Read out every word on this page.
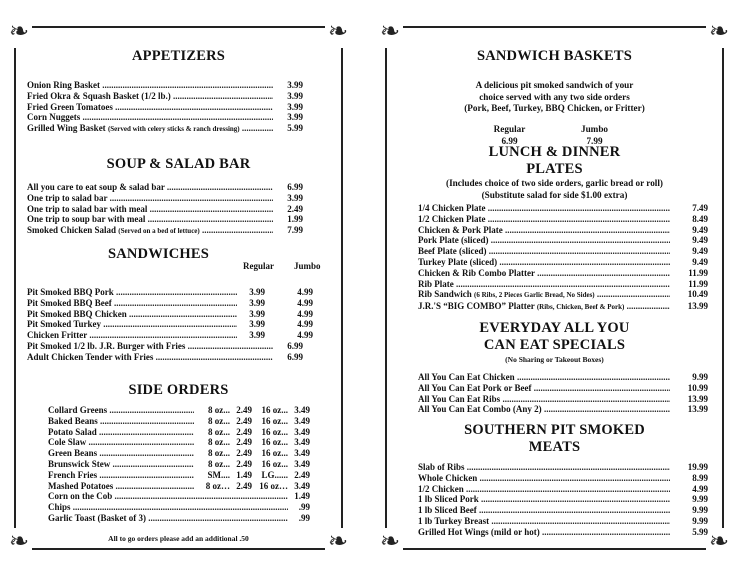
❧	❧
❧	❧
APPETIZERS
Onion Ring Basket .....	3.99
Fried Okra & Squash Basket (1/2 lb.) .....	3.99
Fried Green Tomatoes .....	3.99
Corn Nuggets .....	3.99
Grilled Wing Basket (Served with celery sticks & ranch dressing) .....	5.99
SOUP & SALAD BAR
All you care to eat soup & salad bar .....	6.99
One trip to salad bar .....	3.99
One trip to salad bar with meal .....	2.49
One trip to soup bar with meal .....	1.99
Smoked Chicken Salad (Served on a bed of lettuce) .....	7.99
SANDWICHES
Regular Jumbo
Pit Smoked BBQ Pork .....	3.99	4.99
Pit Smoked BBQ Beef .....	3.99	4.99
Pit Smoked BBQ Chicken .....	3.99	4.99
Pit Smoked Turkey .....	3.99	4.99
Chicken Fritter .....	3.99	4.99
Pit Smoked 1/2 lb. J.R. Burger with Fries .....	6.99
Adult Chicken Tender with Fries .....	6.99
SIDE ORDERS
Collard Greens .....	8 oz... 2.49	16 oz... 3.49
Baked Beans .....	8 oz... 2.49	16 oz... 3.49
Potato Salad .....	8 oz... 2.49	16 oz... 3.49
Cole Slaw .....	8 oz... 2.49	16 oz... 3.49
Green Beans .....	8 oz... 2.49	16 oz... 3.49
Brunswick Stew .....	8 oz... 2.49	16 oz... 3.49
French Fries .....	SM.... 1.49	LG...... 2.49
Mashed Potatoes .....	8 oz… 2.49 16 oz… 3.49
Corn on the Cob .....	1.49
Chips .....	.99
Garlic Toast (Basket of 3) .....	.99
All to go orders please add an additional .50
❧	❧
❧	❧
SANDWICH BASKETS
A delicious pit smoked sandwich of your
choice served with any two side orders
(Pork, Beef, Turkey, BBQ Chicken, or Fritter)
Regular
6.99
Jumbo
7.99
LUNCH & DINNER
PLATES
(Includes choice of two side orders, garlic bread or roll)
(Substitute salad for side $1.00 extra)
1/4 Chicken Plate .....	7.49
1/2 Chicken Plate .....	8.49
Chicken & Pork Plate .....	9.49
Pork Plate (sliced) .....	9.49
Beef Plate (sliced) .....	9.49
Turkey Plate (sliced) .....	9.49
Chicken & Rib Combo Platter .....	11.99
Rib Plate .....	11.99
Rib Sandwich (6 Ribs, 2 Pieces Garlic Bread, No Sides) .....	10.49
J.R.'S “BIG COMBO” Platter (Ribs, Chicken, Beef & Pork) .....	13.99
EVERYDAY ALL YOU
CAN EAT SPECIALS
(No Sharing or Takeout Boxes)
All You Can Eat Chicken .....	9.99
All You Can Eat Pork or Beef .....	10.99
All You Can Eat Ribs .....	13.99
All You Can Eat Combo (Any 2) .....	13.99
SOUTHERN PIT SMOKED
MEATS
Slab of Ribs .....	19.99
Whole Chicken .....	8.99
1/2 Chicken .....	4.99
1 lb Sliced Pork .....	9.99
1 lb Sliced Beef .....	9.99
1 lb Turkey Breast .....	9.99
Grilled Hot Wings (mild or hot) .....	5.99
